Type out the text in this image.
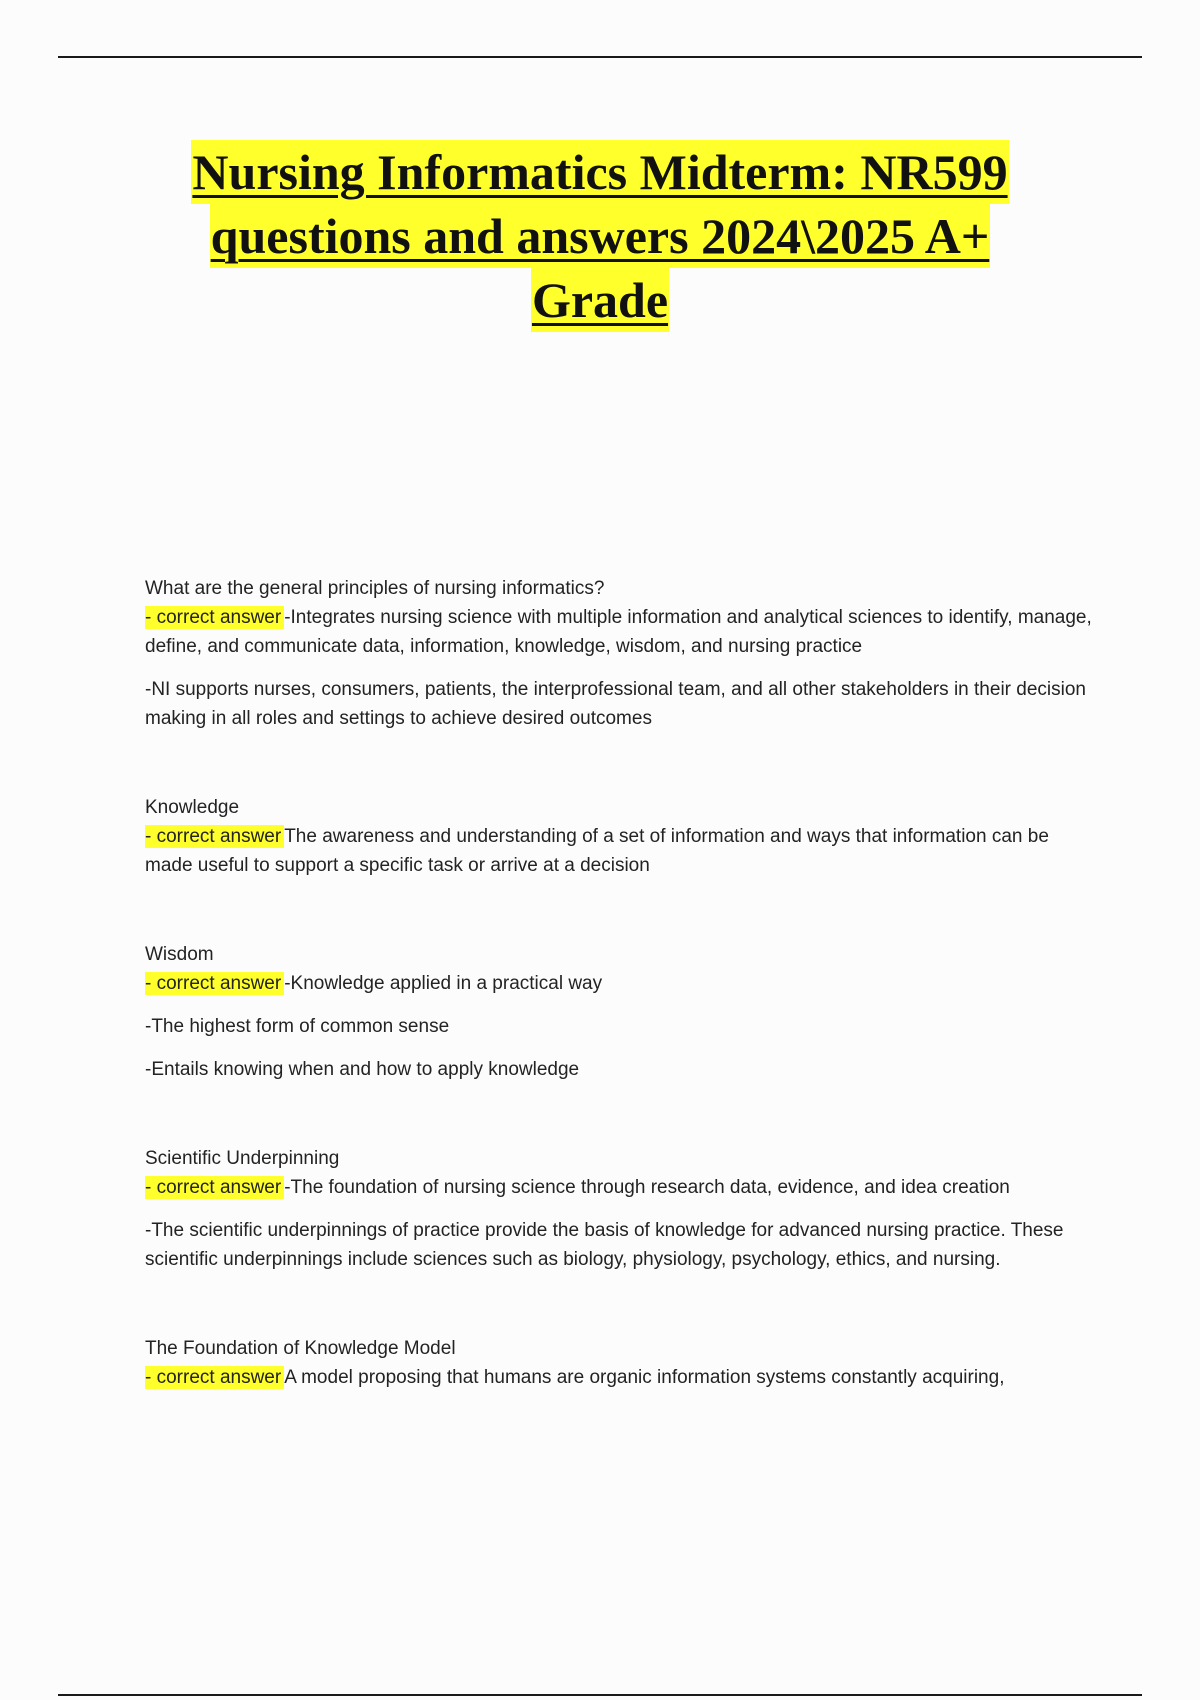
Nursing Informatics Midterm: NR599
questions and answers 2024\2025 A+
Grade

What are the general principles of nursing informatics?

- correct answer -Integrates nursing science with multiple information and analytical sciences to identify, manage, define, and communicate data, information, knowledge, wisdom, and nursing practice

-NI supports nurses, consumers, patients, the interprofessional team, and all other stakeholders in their decision making in all roles and settings to achieve desired outcomes

Knowledge

- correct answer The awareness and understanding of a set of information and ways that information can be made useful to support a specific task or arrive at a decision

Wisdom

- correct answer -Knowledge applied in a practical way

-The highest form of common sense

-Entails knowing when and how to apply knowledge

Scientific Underpinning

- correct answer -The foundation of nursing science through research data, evidence, and idea creation

-The scientific underpinnings of practice provide the basis of knowledge for advanced nursing practice. These scientific underpinnings include sciences such as biology, physiology, psychology, ethics, and nursing.

The Foundation of Knowledge Model

- correct answer A model proposing that humans are organic information systems constantly acquiring,
